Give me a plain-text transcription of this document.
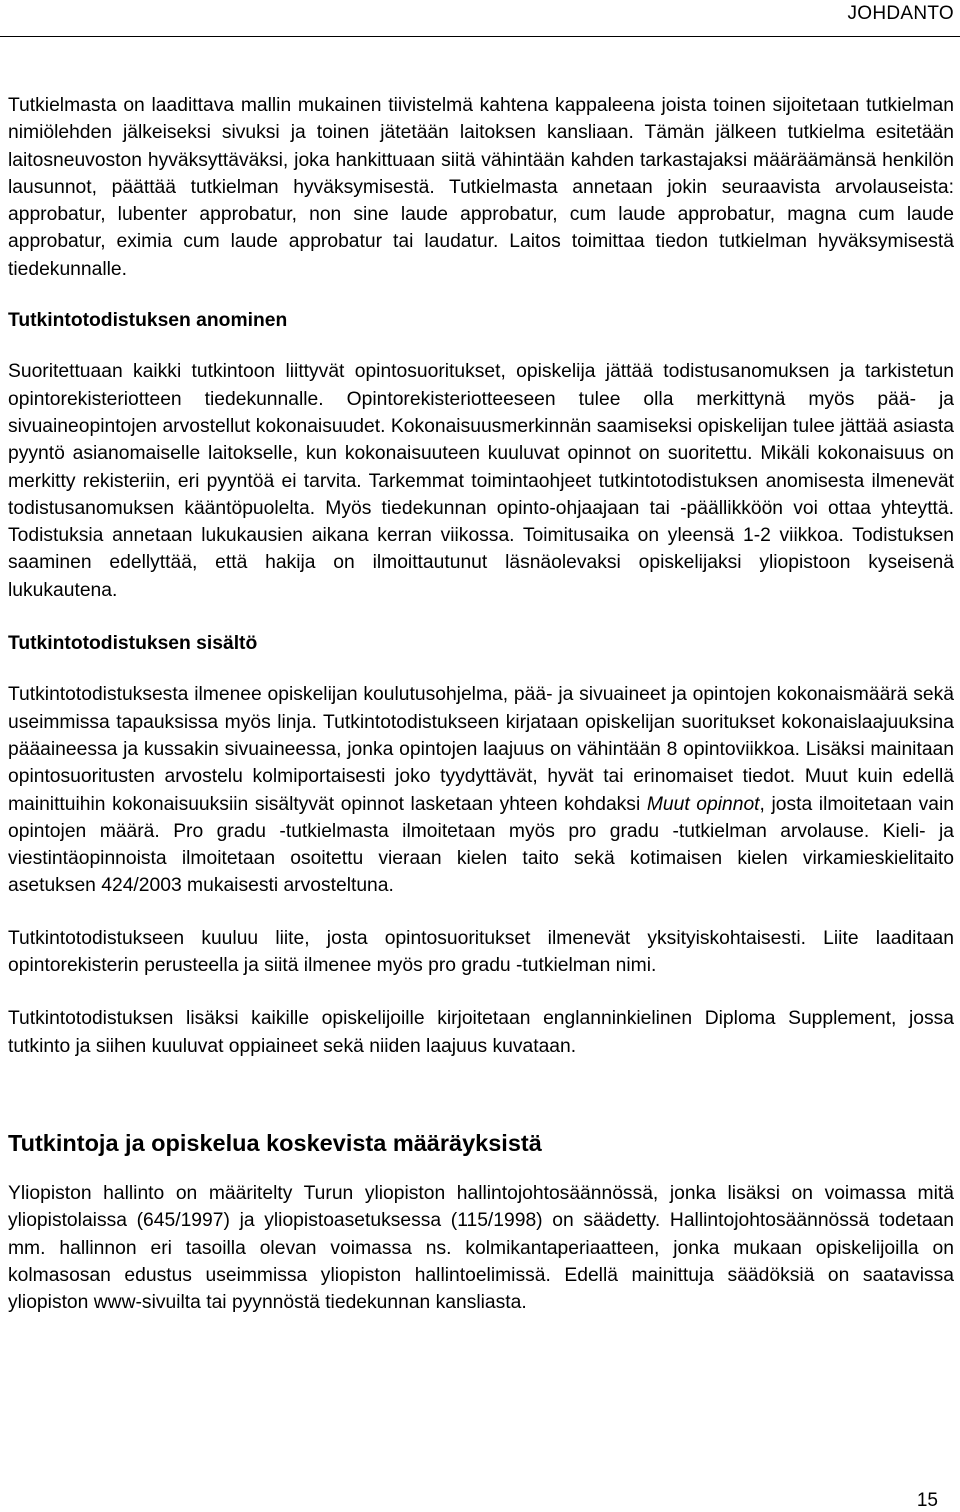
JOHDANTO

Tutkielmasta on laadittava mallin mukainen tiivistelmä kahtena kappaleena joista toinen sijoitetaan tutkielman nimiölehden jälkeiseksi sivuksi ja toinen jätetään laitoksen kansliaan. Tämän jälkeen tutkielma esitetään laitosneuvoston hyväksyttäväksi, joka hankittuaan siitä vähintään kahden tarkastajaksi määräämänsä henkilön lausunnot, päättää tutkielman hyväksymisestä. Tutkielmasta annetaan jokin seuraavista arvolauseista: approbatur, lubenter approbatur, non sine laude approbatur, cum laude approbatur, magna cum laude approbatur, eximia cum laude approbatur tai laudatur. Laitos toimittaa tiedon tutkielman hyväksymisestä tiedekunnalle.

Tutkintotodistuksen anominen

Suoritettuaan kaikki tutkintoon liittyvät opintosuoritukset, opiskelija jättää todistusanomuksen ja tarkistetun opintorekisteriotteen tiedekunnalle. Opintorekisteriotteeseen tulee olla merkittynä myös pää- ja sivuaineopintojen arvostellut kokonaisuudet. Kokonaisuusmerkinnän saamiseksi opiskelijan tulee jättää asiasta pyyntö asianomaiselle laitokselle, kun kokonaisuuteen kuuluvat opinnot on suoritettu. Mikäli kokonaisuus on merkitty rekisteriin, eri pyyntöä ei tarvita. Tarkemmat toimintaohjeet tutkintotodistuksen anomisesta ilmenevät todistusanomuksen kääntöpuolelta. Myös tiedekunnan opinto-ohjaajaan tai -päällikköön voi ottaa yhteyttä. Todistuksia annetaan lukukausien aikana kerran viikossa. Toimitusaika on yleensä 1-2 viikkoa. Todistuksen saaminen edellyttää, että hakija on ilmoittautunut läsnäolevaksi opiskelijaksi yliopistoon kyseisenä lukukautena.

Tutkintotodistuksen sisältö

Tutkintotodistuksesta ilmenee opiskelijan koulutusohjelma, pää- ja sivuaineet ja opintojen kokonaismäärä sekä useimmissa tapauksissa myös linja. Tutkintotodistukseen kirjataan opiskelijan suoritukset kokonaislaajuuksina pääaineessa ja kussakin sivuaineessa, jonka opintojen laajuus on vähintään 8 opintoviikkoa. Lisäksi mainitaan opintosuoritusten arvostelu kolmiportaisesti joko tyydyttävät, hyvät tai erinomaiset tiedot. Muut kuin edellä mainittuihin kokonaisuuksiin sisältyvät opinnot lasketaan yhteen kohdaksi Muut opinnot, josta ilmoitetaan vain opintojen määrä. Pro gradu -tutkielmasta ilmoitetaan myös pro gradu -tutkielman arvolause. Kieli- ja viestintäopinnoista ilmoitetaan osoitettu vieraan kielen taito sekä kotimaisen kielen virkamieskielitaito asetuksen 424/2003 mukaisesti arvosteltuna.

Tutkintotodistukseen kuuluu liite, josta opintosuoritukset ilmenevät yksityiskohtaisesti. Liite laaditaan opintorekisterin perusteella ja siitä ilmenee myös pro gradu -tutkielman nimi.

Tutkintotodistuksen lisäksi kaikille opiskelijoille kirjoitetaan englanninkielinen Diploma Supplement, jossa tutkinto ja siihen kuuluvat oppiaineet sekä niiden laajuus kuvataan.

Tutkintoja ja opiskelua koskevista määräyksistä

Yliopiston hallinto on määritelty Turun yliopiston hallintojohtosäännössä, jonka lisäksi on voimassa mitä yliopistolaissa (645/1997) ja yliopistoasetuksessa (115/1998) on säädetty. Hallintojohtosäännössä todetaan mm. hallinnon eri tasoilla olevan voimassa ns. kolmikantaperiaatteen, jonka mukaan opiskelijoilla on kolmasosan edustus useimmissa yliopiston hallintoelimissä. Edellä mainittuja säädöksiä on saatavissa yliopiston www-sivuilta tai pyynnöstä tiedekunnan kansliasta.

15
